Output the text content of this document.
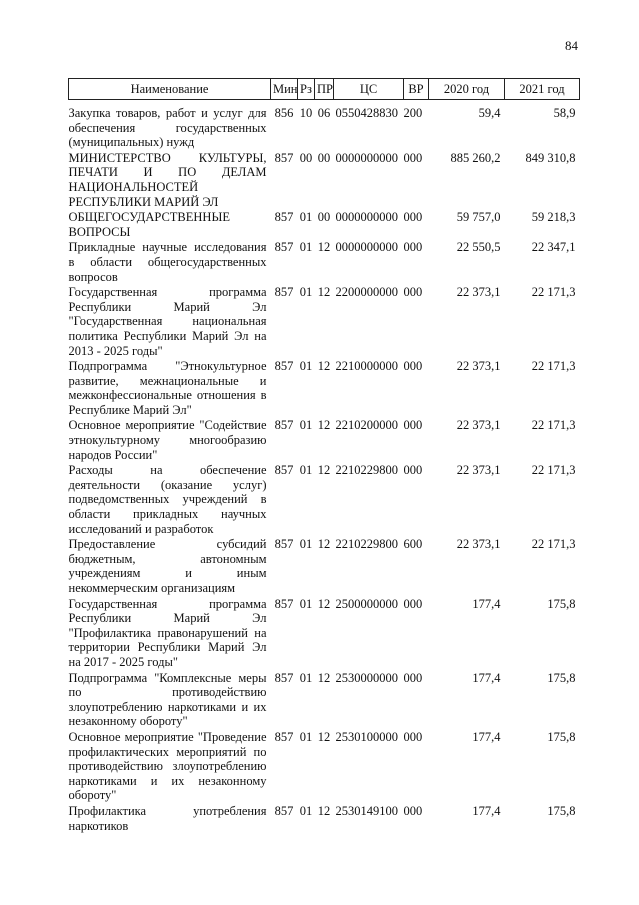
84
Наименование	Мин	Рз	ПР	ЦС	ВР	2020 год	2021 год
Закупка товаров, работ и услуг для обеспечения государственных (муниципальных) нужд	856	10	06	0550428830	200	59,4	58,9
МИНИСТЕРСТВО КУЛЬТУРЫ, ПЕЧАТИ И ПО ДЕЛАМ НАЦИОНАЛЬНОСТЕЙ РЕСПУБЛИКИ МАРИЙ ЭЛ	857	00	00	0000000000	000	885 260,2	849 310,8
ОБЩЕГОСУДАРСТВЕННЫЕ ВОПРОСЫ	857	01	00	0000000000	000	59 757,0	59 218,3
Прикладные научные исследования в области общегосударственных вопросов	857	01	12	0000000000	000	22 550,5	22 347,1
Государственная программа Республики Марий Эл "Государственная национальная политика Республики Марий Эл на 2013 - 2025 годы"	857	01	12	2200000000	000	22 373,1	22 171,3
Подпрограмма "Этнокультурное развитие, межнациональные и межконфессиональные отношения в Республике Марий Эл"	857	01	12	2210000000	000	22 373,1	22 171,3
Основное мероприятие "Содействие этнокультурному многообразию народов России"	857	01	12	2210200000	000	22 373,1	22 171,3
Расходы на обеспечение деятельности (оказание услуг) подведомственных учреждений в области прикладных научных исследований и разработок	857	01	12	2210229800	000	22 373,1	22 171,3
Предоставление субсидий бюджетным, автономным учреждениям и иным некоммерческим организациям	857	01	12	2210229800	600	22 373,1	22 171,3
Государственная программа Республики Марий Эл "Профилактика правонарушений на территории Республики Марий Эл на 2017 - 2025 годы"	857	01	12	2500000000	000	177,4	175,8
Подпрограмма "Комплексные меры по противодействию злоупотреблению наркотиками и их незаконному обороту"	857	01	12	2530000000	000	177,4	175,8
Основное мероприятие "Проведение профилактических мероприятий по противодействию злоупотреблению наркотиками и их незаконному обороту"	857	01	12	2530100000	000	177,4	175,8
Профилактика употребления наркотиков	857	01	12	2530149100	000	177,4	175,8
